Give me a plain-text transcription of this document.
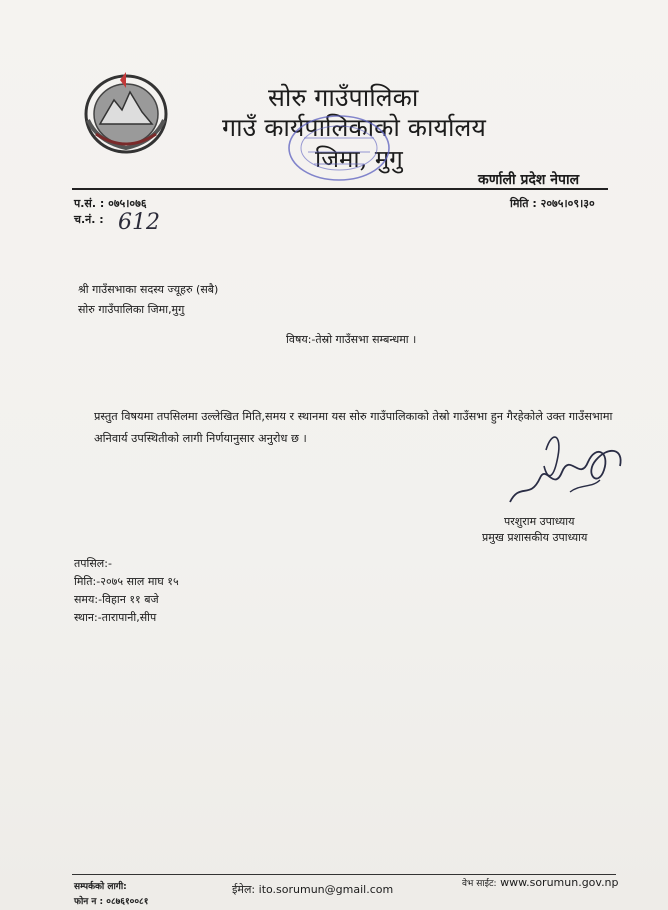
सोरु गाउँपालिका
गाउँ कार्यपालिकाको कार्यालय
जिमा, मुगु
कर्णाली प्रदेश नेपाल
प.सं. : ०७५।०७६
च.नं. : 612
मिति : २०७५।०९।३०
श्री गाउँसभाका सदस्य ज्यूहरु (सबै)
सोरु गाउँपालिका जिमा,मुगु
विषय:-तेस्रो गाउँसभा सम्बन्धमा ।
प्रस्तुत विषयमा तपसिलमा उल्लेखित मिति,समय र स्थानमा यस सोरु गाउँपालिकाको तेस्रो गाउँसभा हुन गैरहेकोले उक्त गाउँसभामा अनिवार्य उपस्थितीको लागी निर्णयानुसार अनुरोध छ ।
परशुराम उपाध्याय
प्रमुख प्रशासकीय उपाध्याय
तपसिल:-
मिति:-२०७५ साल माघ १५
समय:-विहान ११ बजे
स्थान:-तारापानी,सीप
सम्पर्कको लागी:
फोन न : ०८७६१००८१
ईमेल: ito.sorumun@gmail.com	वेभ साईट: www.sorumun.gov.np
